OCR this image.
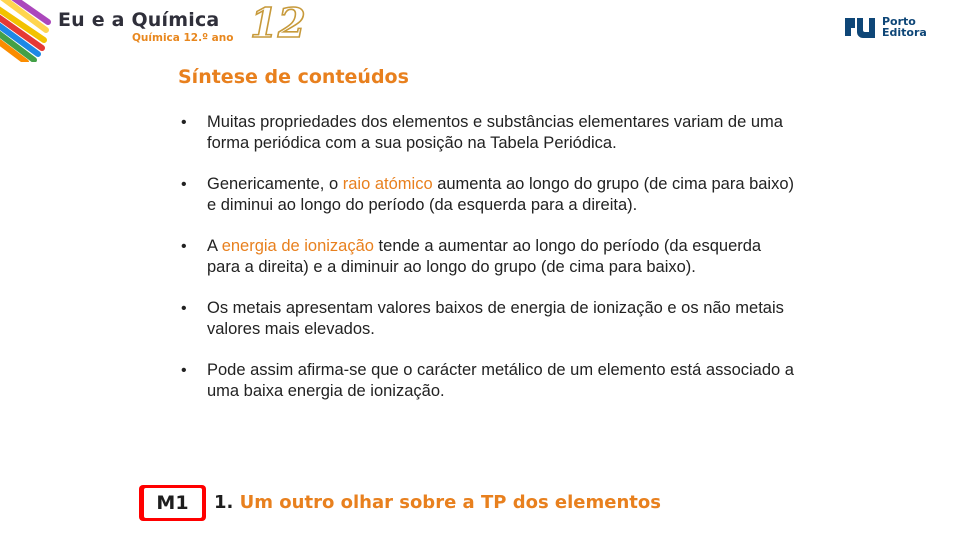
Eu e a Química
Química 12.º ano 12	Porto
Editora
Síntese de conteúdos
• Muitas propriedades dos elementos e substâncias elementares variam de uma forma periódica com a sua posição na Tabela Periódica.
• Genericamente, o raio atómico aumenta ao longo do grupo (de cima para baixo) e diminui ao longo do período (da esquerda para a direita).
• A energia de ionização tende a aumentar ao longo do período (da esquerda para a direita) e a diminuir ao longo do grupo (de cima para baixo).
• Os metais apresentam valores baixos de energia de ionização e os não metais valores mais elevados.
• Pode assim afirma-se que o carácter metálico de um elemento está associado a uma baixa energia de ionização.
M1	1. Um outro olhar sobre a TP dos elementos
